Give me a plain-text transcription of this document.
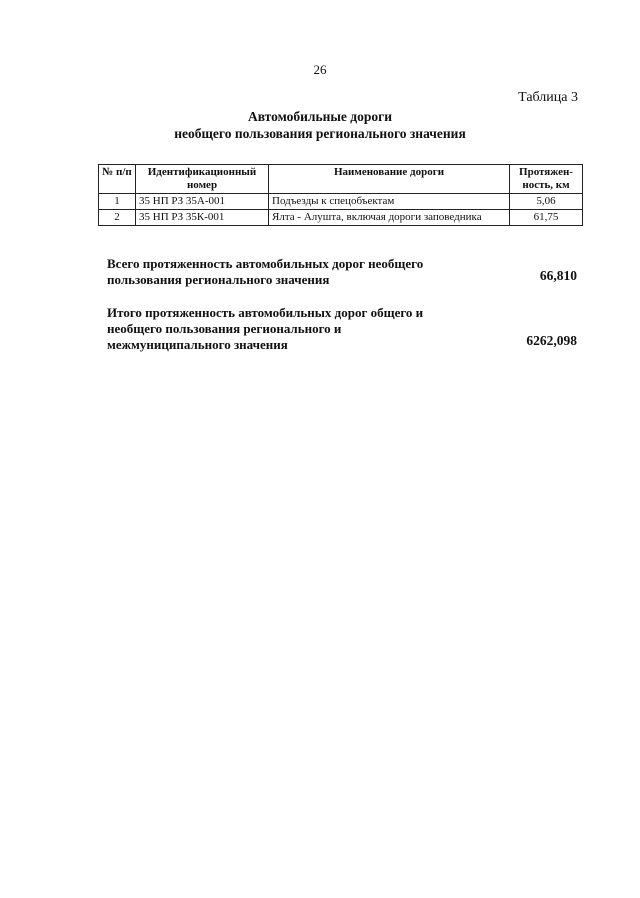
26
Таблица 3
Автомобильные дороги
необщего пользования регионального значения
№ п/п	Идентификационный номер	Наименование дороги	Протяжен-ность, км
1	35 НП РЗ 35А-001	Подъезды к спецобъектам	5,06
2	35 НП РЗ 35К-001	Ялта - Алушта, включая дороги заповедника	61,75
Всего протяженность автомобильных дорог необщего пользования регионального значения	66,810
Итого протяженность автомобильных дорог общего и необщего пользования регионального и межмуниципального значения	6262,098
